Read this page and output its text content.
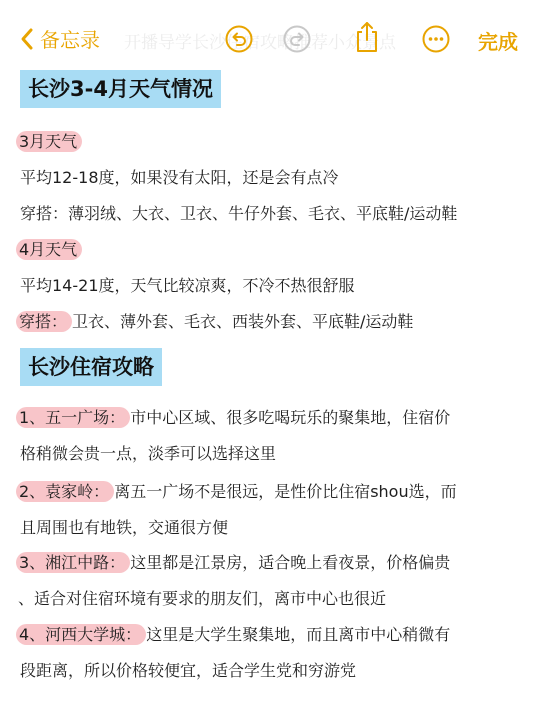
备忘录 开播导学长沙住宿攻略推荐小众景点	完成
长沙3-4月天气情况
3月天气
平均12-18度，如果没有太阳，还是会有点冷
穿搭：薄羽绒、大衣、卫衣、牛仔外套、毛衣、平底鞋/运动鞋
4月天气
平均14-21度，天气比较凉爽，不冷不热很舒服
穿搭： 卫衣、薄外套、毛衣、西装外套、平底鞋/运动鞋
长沙住宿攻略
1、五一广场： 市中心区域、很多吃喝玩乐的聚集地，住宿价
格稍微会贵一点，淡季可以选择这里
2、袁家岭： 离五一广场不是很远，是性价比住宿shou选，而
且周围也有地铁，交通很方便
3、湘江中路： 这里都是江景房，适合晚上看夜景，价格偏贵
、适合对住宿环境有要求的朋友们，离市中心也很近
4、河西大学城： 这里是大学生聚集地，而且离市中心稍微有
段距离，所以价格较便宜，适合学生党和穷游党
